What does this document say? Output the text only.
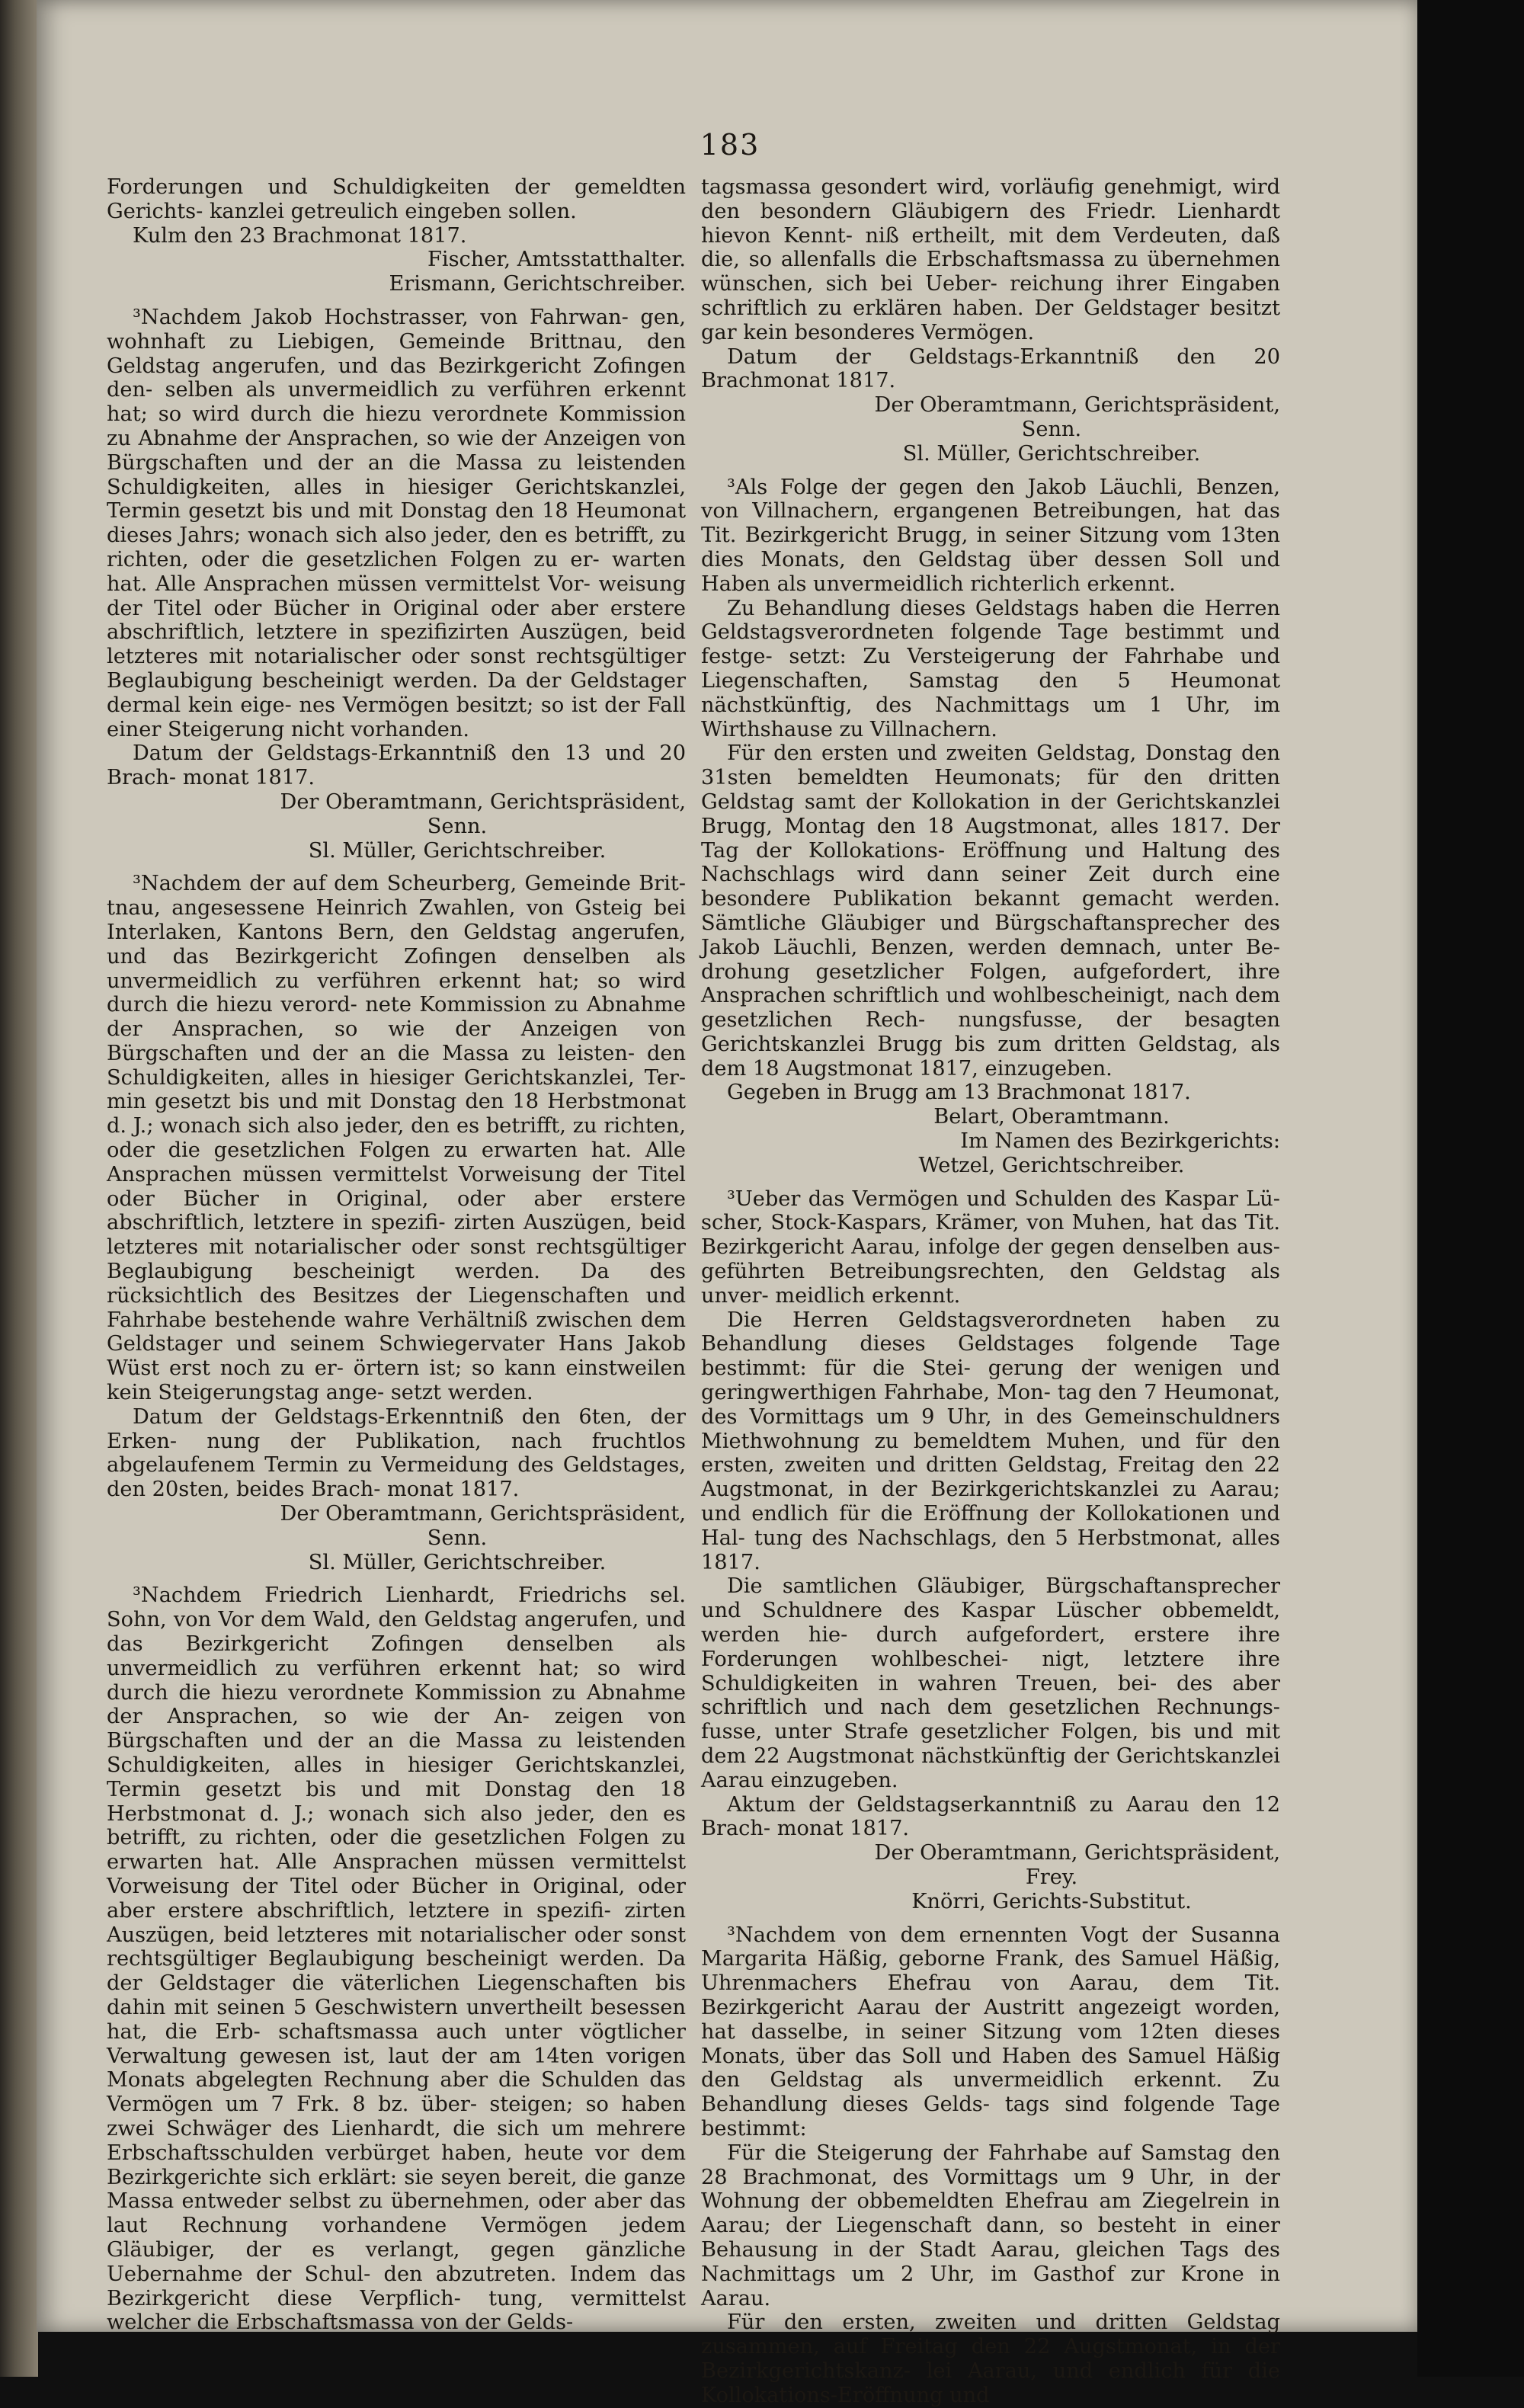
183

Forderungen und Schuldigkeiten der gemeldten Gerichts- kanzlei getreulich eingeben sollen.

Kulm den 23 Brachmonat 1817.

Fischer, Amtsstatthalter.

Erismann, Gerichtschreiber.

³Nachdem Jakob Hochstrasser, von Fahrwan- gen, wohnhaft zu Liebigen, Gemeinde Brittnau, den Geldstag angerufen, und das Bezirkgericht Zofingen den- selben als unvermeidlich zu verführen erkennt hat; so wird durch die hiezu verordnete Kommission zu Abnahme der Ansprachen, so wie der Anzeigen von Bürgschaften und der an die Massa zu leistenden Schuldigkeiten, alles in hiesiger Gerichtskanzlei, Termin gesetzt bis und mit Donstag den 18 Heumonat dieses Jahrs; wonach sich also jeder, den es betrifft, zu richten, oder die gesetzlichen Folgen zu er- warten hat. Alle Ansprachen müssen vermittelst Vor- weisung der Titel oder Bücher in Original oder aber erstere abschriftlich, letztere in spezifizirten Auszügen, beid letzteres mit notarialischer oder sonst rechtsgültiger Beglaubigung bescheinigt werden. Da der Geldstager dermal kein eige- nes Vermögen besitzt; so ist der Fall einer Steigerung nicht vorhanden.

Datum der Geldstags-Erkanntniß den 13 und 20 Brach- monat 1817.

Der Oberamtmann, Gerichtspräsident,

Senn.

Sl. Müller, Gerichtschreiber.

³Nachdem der auf dem Scheurberg, Gemeinde Brit- tnau, angesessene Heinrich Zwahlen, von Gsteig bei Interlaken, Kantons Bern, den Geldstag angerufen, und das Bezirkgericht Zofingen denselben als unvermeidlich zu verführen erkennt hat; so wird durch die hiezu verord- nete Kommission zu Abnahme der Ansprachen, so wie der Anzeigen von Bürgschaften und der an die Massa zu leisten- den Schuldigkeiten, alles in hiesiger Gerichtskanzlei, Ter- min gesetzt bis und mit Donstag den 18 Herbstmonat d. J.; wonach sich also jeder, den es betrifft, zu richten, oder die gesetzlichen Folgen zu erwarten hat. Alle Ansprachen müssen vermittelst Vorweisung der Titel oder Bücher in Original, oder aber erstere abschriftlich, letztere in spezifi- zirten Auszügen, beid letzteres mit notarialischer oder sonst rechtsgültiger Beglaubigung bescheinigt werden. Da des rücksichtlich des Besitzes der Liegenschaften und Fahrhabe bestehende wahre Verhältniß zwischen dem Geldstager und seinem Schwiegervater Hans Jakob Wüst erst noch zu er- örtern ist; so kann einstweilen kein Steigerungstag ange- setzt werden.

Datum der Geldstags-Erkenntniß den 6ten, der Erken- nung der Publikation, nach fruchtlos abgelaufenem Termin zu Vermeidung des Geldstages, den 20sten, beides Brach- monat 1817.

Der Oberamtmann, Gerichtspräsident,

Senn.

Sl. Müller, Gerichtschreiber.

³Nachdem Friedrich Lienhardt, Friedrichs sel. Sohn, von Vor dem Wald, den Geldstag angerufen, und das Bezirkgericht Zofingen denselben als unvermeidlich zu verführen erkennt hat; so wird durch die hiezu verordnete Kommission zu Abnahme der Ansprachen, so wie der An- zeigen von Bürgschaften und der an die Massa zu leistenden Schuldigkeiten, alles in hiesiger Gerichtskanzlei, Termin gesetzt bis und mit Donstag den 18 Herbstmonat d. J.; wonach sich also jeder, den es betrifft, zu richten, oder die gesetzlichen Folgen zu erwarten hat. Alle Ansprachen müssen vermittelst Vorweisung der Titel oder Bücher in Original, oder aber erstere abschriftlich, letztere in spezifi- zirten Auszügen, beid letzteres mit notarialischer oder sonst rechtsgültiger Beglaubigung bescheinigt werden. Da der Geldstager die väterlichen Liegenschaften bis dahin mit seinen 5 Geschwistern unvertheilt besessen hat, die Erb- schaftsmassa auch unter vögtlicher Verwaltung gewesen ist, laut der am 14ten vorigen Monats abgelegten Rechnung aber die Schulden das Vermögen um 7 Frk. 8 bz. über- steigen; so haben zwei Schwäger des Lienhardt, die sich um mehrere Erbschaftsschulden verbürget haben, heute vor dem Bezirkgerichte sich erklärt: sie seyen bereit, die ganze Massa entweder selbst zu übernehmen, oder aber das laut Rechnung vorhandene Vermögen jedem Gläubiger, der es verlangt, gegen gänzliche Uebernahme der Schul- den abzutreten. Indem das Bezirkgericht diese Verpflich- tung, vermittelst welcher die Erbschaftsmassa von der Gelds-

tagsmassa gesondert wird, vorläufig genehmigt, wird den besondern Gläubigern des Friedr. Lienhardt hievon Kennt- niß ertheilt, mit dem Verdeuten, daß die, so allenfalls die Erbschaftsmassa zu übernehmen wünschen, sich bei Ueber- reichung ihrer Eingaben schriftlich zu erklären haben. Der Geldstager besitzt gar kein besonderes Vermögen.

Datum der Geldstags-Erkanntniß den 20 Brachmonat 1817.

Der Oberamtmann, Gerichtspräsident,

Senn.

Sl. Müller, Gerichtschreiber.

³Als Folge der gegen den Jakob Läuchli, Benzen, von Villnachern, ergangenen Betreibungen, hat das Tit. Bezirkgericht Brugg, in seiner Sitzung vom 13ten dies Monats, den Geldstag über dessen Soll und Haben als unvermeidlich richterlich erkennt.

Zu Behandlung dieses Geldstags haben die Herren Geldstagsverordneten folgende Tage bestimmt und festge- setzt: Zu Versteigerung der Fahrhabe und Liegenschaften, Samstag den 5 Heumonat nächstkünftig, des Nachmittags um 1 Uhr, im Wirthshause zu Villnachern.

Für den ersten und zweiten Geldstag, Donstag den 31sten bemeldten Heumonats; für den dritten Geldstag samt der Kollokation in der Gerichtskanzlei Brugg, Montag den 18 Augstmonat, alles 1817. Der Tag der Kollokations- Eröffnung und Haltung des Nachschlags wird dann seiner Zeit durch eine besondere Publikation bekannt gemacht werden. Sämtliche Gläubiger und Bürgschaftansprecher des Jakob Läuchli, Benzen, werden demnach, unter Be- drohung gesetzlicher Folgen, aufgefordert, ihre Ansprachen schriftlich und wohlbescheinigt, nach dem gesetzlichen Rech- nungsfusse, der besagten Gerichtskanzlei Brugg bis zum dritten Geldstag, als dem 18 Augstmonat 1817, einzugeben.

Gegeben in Brugg am 13 Brachmonat 1817.

Belart, Oberamtmann.

Im Namen des Bezirkgerichts:

Wetzel, Gerichtschreiber.

³Ueber das Vermögen und Schulden des Kaspar Lü- scher, Stock-Kaspars, Krämer, von Muhen, hat das Tit. Bezirkgericht Aarau, infolge der gegen denselben aus- geführten Betreibungsrechten, den Geldstag als unver- meidlich erkennt.

Die Herren Geldstagsverordneten haben zu Behandlung dieses Geldstages folgende Tage bestimmt: für die Stei- gerung der wenigen und geringwerthigen Fahrhabe, Mon- tag den 7 Heumonat, des Vormittags um 9 Uhr, in des Gemeinschuldners Miethwohnung zu bemeldtem Muhen, und für den ersten, zweiten und dritten Geldstag, Freitag den 22 Augstmonat, in der Bezirkgerichtskanzlei zu Aarau; und endlich für die Eröffnung der Kollokationen und Hal- tung des Nachschlags, den 5 Herbstmonat, alles 1817.

Die samtlichen Gläubiger, Bürgschaftansprecher und Schuldnere des Kaspar Lüscher obbemeldt, werden hie- durch aufgefordert, erstere ihre Forderungen wohlbeschei- nigt, letztere ihre Schuldigkeiten in wahren Treuen, bei- des aber schriftlich und nach dem gesetzlichen Rechnungs- fusse, unter Strafe gesetzlicher Folgen, bis und mit dem 22 Augstmonat nächstkünftig der Gerichtskanzlei Aarau einzugeben.

Aktum der Geldstagserkanntniß zu Aarau den 12 Brach- monat 1817.

Der Oberamtmann, Gerichtspräsident,

Frey.

Knörri, Gerichts-Substitut.

³Nachdem von dem ernennten Vogt der Susanna Margarita Häßig, geborne Frank, des Samuel Häßig, Uhrenmachers Ehefrau von Aarau, dem Tit. Bezirkgericht Aarau der Austritt angezeigt worden, hat dasselbe, in seiner Sitzung vom 12ten dieses Monats, über das Soll und Haben des Samuel Häßig den Geldstag als unvermeidlich erkennt. Zu Behandlung dieses Gelds- tags sind folgende Tage bestimmt:

Für die Steigerung der Fahrhabe auf Samstag den 28 Brachmonat, des Vormittags um 9 Uhr, in der Wohnung der obbemeldten Ehefrau am Ziegelrein in Aarau; der Liegenschaft dann, so besteht in einer Behausung in der Stadt Aarau, gleichen Tags des Nachmittags um 2 Uhr, im Gasthof zur Krone in Aarau.

Für den ersten, zweiten und dritten Geldstag zusammen, auf Freitag den 22 Augstmonat, in der Bezirkgerichtskanz- lei Aarau, und endlich für die Kollokations-Eröffnung und
